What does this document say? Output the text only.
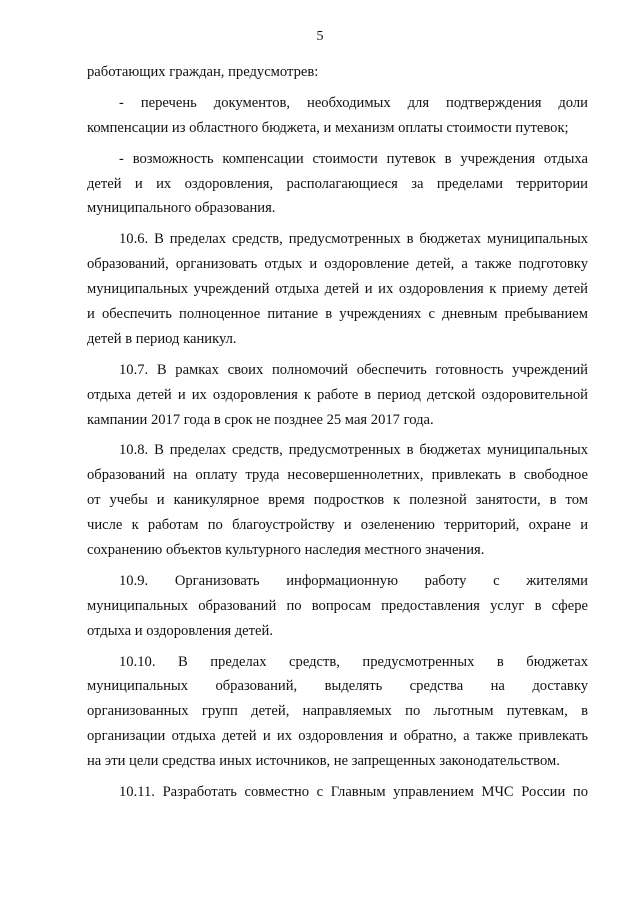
5
работающих граждан, предусмотрев:
- перечень документов, необходимых для подтверждения доли
компенсации из областного бюджета, и механизм оплаты стоимости путевок;
- возможность компенсации стоимости путевок в учреждения отдыха
детей и их оздоровления, располагающиеся за пределами территории
муниципального образования.
10.6. В пределах средств, предусмотренных в бюджетах муниципальных
образований, организовать отдых и оздоровление детей, а также подготовку
муниципальных учреждений отдыха детей и их оздоровления к приему детей
и обеспечить полноценное питание в учреждениях с дневным пребыванием
детей в период каникул.
10.7. В рамках своих полномочий обеспечить готовность учреждений
отдыха детей и их оздоровления к работе в период детской оздоровительной
кампании 2017 года в срок не позднее 25 мая 2017 года.
10.8. В пределах средств, предусмотренных в бюджетах муниципальных
образований на оплату труда несовершеннолетних, привлекать в свободное
от учебы и каникулярное время подростков к полезной занятости, в том
числе к работам по благоустройству и озеленению территорий, охране и
сохранению объектов культурного наследия местного значения.
10.9. Организовать информационную работу с жителями
муниципальных образований по вопросам предоставления услуг в сфере
отдыха и оздоровления детей.
10.10. В пределах средств, предусмотренных в бюджетах
муниципальных образований, выделять средства на доставку
организованных групп детей, направляемых по льготным путевкам, в
организации отдыха детей и их оздоровления и обратно, а также привлекать
на эти цели средства иных источников, не запрещенных законодательством.
10.11. Разработать совместно с Главным управлением МЧС России по
